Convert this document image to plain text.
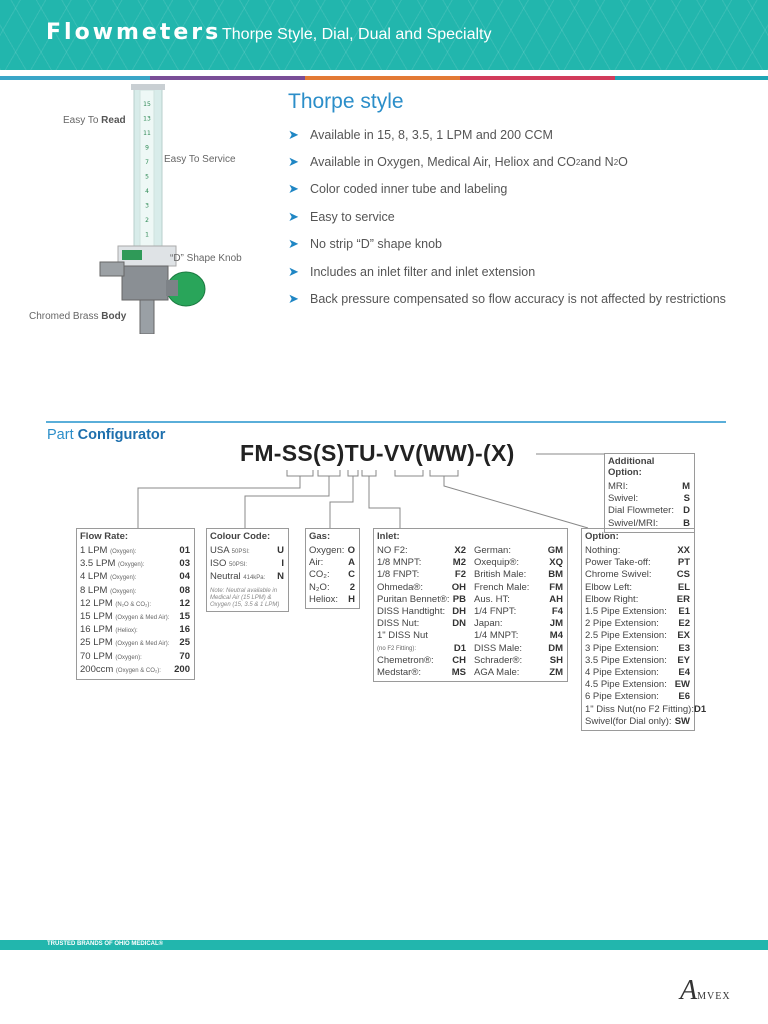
Flowmeters Thorpe Style, Dial, Dual and Specialty
15
13
11
9
7
5
4
3
2
1
Easy To Read
Easy To Service
“D” Shape Knob
Chromed Brass Body
Thorpe style
➤ Available in 15, 8, 3.5, 1 LPM and 200 CCM
➤ Available in Oxygen, Medical Air, Heliox and CO 2 and N 2 O
➤ Color coded inner tube and labeling
➤ Easy to service
➤ No strip “D” shape knob
➤ Includes an inlet filter and inlet extension
➤ Back pressure compensated so flow accuracy is not affected by restrictions
Part Configurator
FM-SS(S)TU-VV(WW)-(X)	Additional Option:
MRI:	M
Swivel:	S
Dial Flowmeter: D
Swivel/MRI:	B
Flow Rate:
1 LPM (Oxygen):	01
3.5 LPM (Oxygen):	03
4 LPM (Oxygen):	04
8 LPM (Oxygen):	08
12 LPM (N₂O & CO₂):	12
15 LPM (Oxygen & Med Air): 15
16 LPM (Heliox):	16
25 LPM (Oxygen & Med Air): 25
70 LPM (Oxygen):	70
200ccm (Oxygen & CO₂): 200
Colour Code:
USA 50PSI:	U
ISO 50PSI:	I
Neutral 414kPa: N
Note: Neutral available in Medical Air (15 LPM) & Oxygen (15, 3.5 & 1 LPM)
Gas:
Oxygen: O
Air:	A
CO₂: C
N₂O: 2
Heliox: H
Inlet:
NO F2:	X2
1/8 MNPT:	M2
1/8 FNPT:	F2
Ohmeda®:	OH
Puritan Bennet®: PB
DISS Handtight: DH
DISS Nut:	DN
1" DISS Nut
(no F2 Fitting):	D1
Chemetron®: CH
Medstar®:	MS
German:	GM
Oxequip®:	XQ
British Male: BM
French Male: FM
Aus. HT:	AH
1/4 FNPT:	F4
Japan:	JM
1/4 MNPT:	M4
DISS Male:	DM
Schrader®:	SH
AGA Male:	ZM
Option:
Nothing:	XX
Power Take-off:	PT
Chrome Swivel:	CS
Elbow Left:	EL
Elbow Right:	ER
1.5 Pipe Extension: E1
2 Pipe Extension: E2
2.5 Pipe Extension: EX
3 Pipe Extension: E3
3.5 Pipe Extension: EY
4 Pipe Extension: E4
4.5 Pipe Extension: EW
6 Pipe Extension: E6
1" Diss Nut(no F2 Fitting): D1
Swivel(for Dial only): SW
TRUSTED BRANDS OF OHIO MEDICAL®
AMVEX
